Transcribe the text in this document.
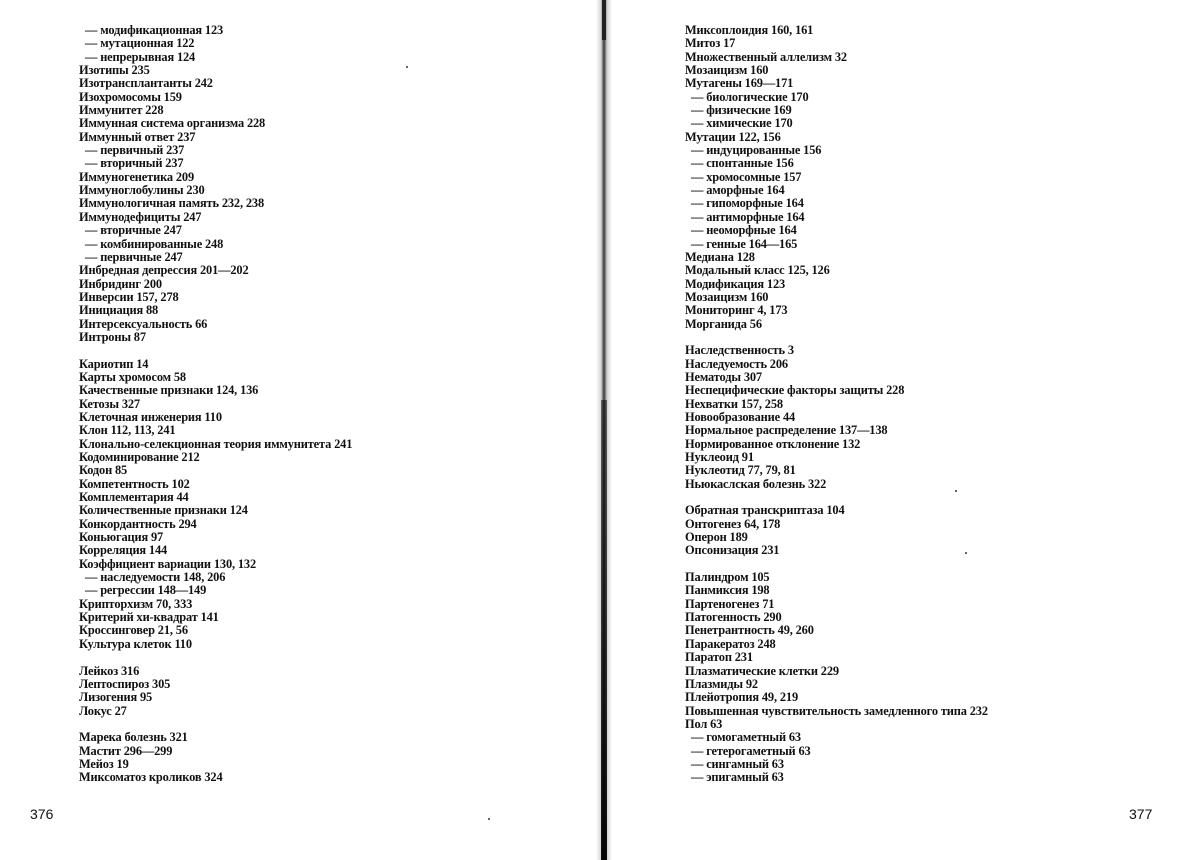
— модификационная 123
— мутационная 122
— непрерывная 124
Изотипы 235
Изотрансплантанты 242
Изохромосомы 159
Иммунитет 228
Иммунная система организма 228
Иммунный ответ 237
— первичный 237
— вторичный 237
Иммуногенетика 209
Иммуноглобулины 230
Иммунологичная память 232, 238
Иммунодефициты 247
— вторичные 247
— комбинированные 248
— первичные 247
Инбредная депрессия 201—202
Инбридинг 200
Инверсии 157, 278
Инициация 88
Интерсексуальность 66
Интроны 87
Кариотип 14
Карты хромосом 58
Качественные признаки 124, 136
Кетозы 327
Клеточная инженерия 110
Клон 112, 113, 241
Клонально-селекционная теория иммунитета 241
Кодоминирование 212
Кодон 85
Компетентность 102
Комплементария 44
Количественные признаки 124
Конкордантность 294
Коньюгация 97
Корреляция 144
Коэффициент вариации 130, 132
— наследуемости 148, 206
— регрессии 148—149
Крипторхизм 70, 333
Критерий хи-квадрат 141
Кроссинговер 21, 56
Культура клеток 110
Лейкоз 316
Лептоспироз 305
Лизогения 95
Локус 27
Марека болезнь 321
Мастит 296—299
Мейоз 19
Миксоматоз кроликов 324
376
Миксоплоидия 160, 161
Митоз 17
Множественный аллелизм 32
Мозаицизм 160
Мутагены 169—171
— биологические 170
— физические 169
— химические 170
Мутации 122, 156
— индуцированные 156
— спонтанные 156
— хромосомные 157
— аморфные 164
— гипоморфные 164
— антиморфные 164
— неоморфные 164
— генные 164—165
Медиана 128
Модальный класс 125, 126
Модификация 123
Мозаицизм 160
Мониторинг 4, 173
Морганида 56
Наследственность 3
Наследуемость 206
Нематоды 307
Неспецифические факторы защиты 228
Нехватки 157, 258
Новообразование 44
Нормальное распределение 137—138
Нормированное отклонение 132
Нуклеоид 91
Нуклеотид 77, 79, 81
Ньюкаслская болезнь 322
Обратная транскриптаза 104
Онтогенез 64, 178
Оперон 189
Опсонизация 231
Палиндром 105
Панмиксия 198
Партеногенез 71
Патогенность 290
Пенетрантность 49, 260
Паракератоз 248
Паратоп 231
Плазматические клетки 229
Плазмиды 92
Плейотропия 49, 219
Повышенная чувствительность замедленного типа 232
Пол 63
— гомогаметный 63
— гетерогаметный 63
— сингамный 63
— эпигамный 63
377
